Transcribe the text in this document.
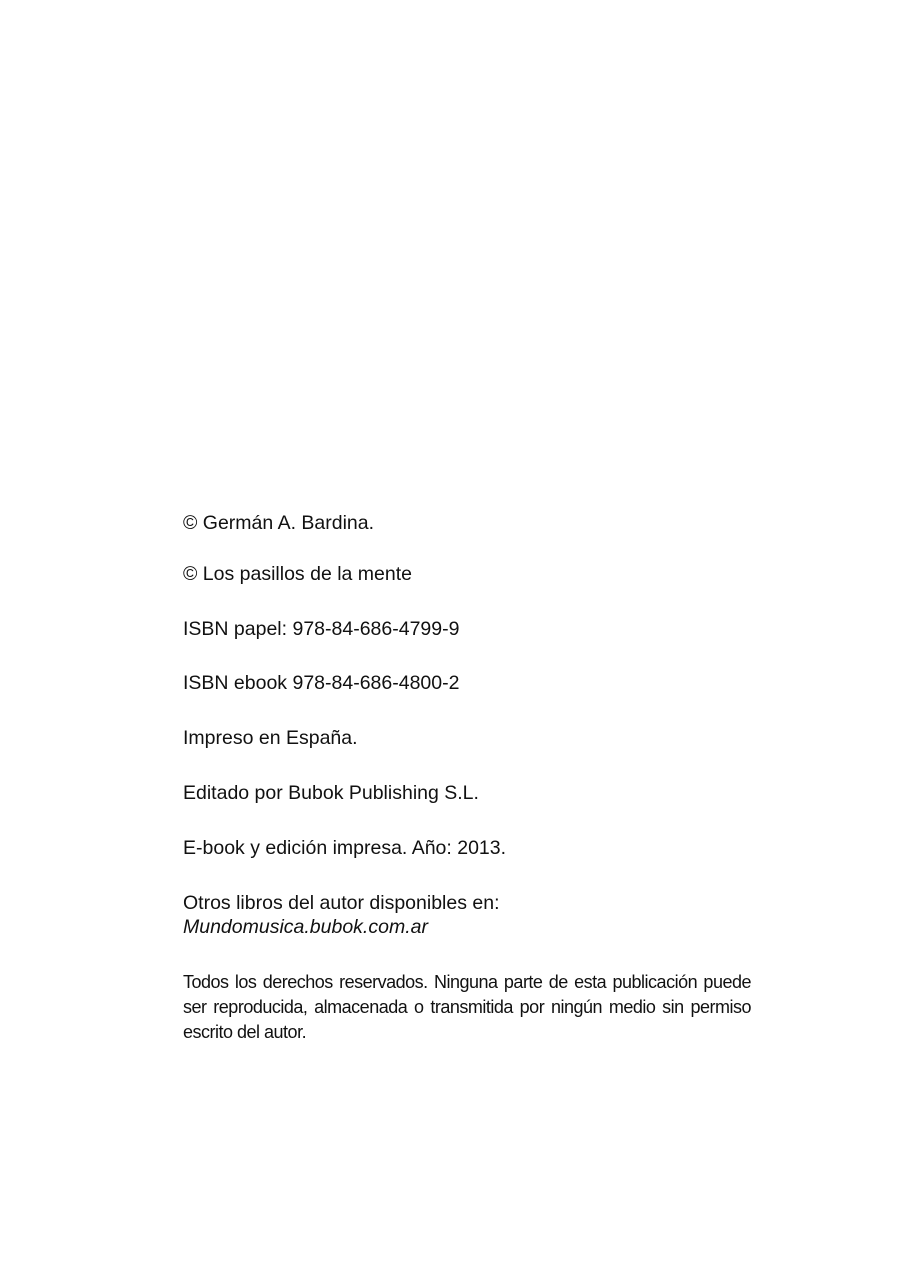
© Germán A. Bardina.
© Los pasillos de la mente
ISBN papel: 978-84-686-4799-9
ISBN ebook 978-84-686-4800-2
Impreso en España.
Editado por Bubok Publishing S.L.
E-book y edición impresa. Año: 2013.
Otros libros del autor disponibles en:
Mundomusica.bubok.com.ar
Todos los derechos reservados. Ninguna parte de esta publicación puede ser reproducida, almacenada o transmitida por ningún medio sin permiso escrito del autor.
